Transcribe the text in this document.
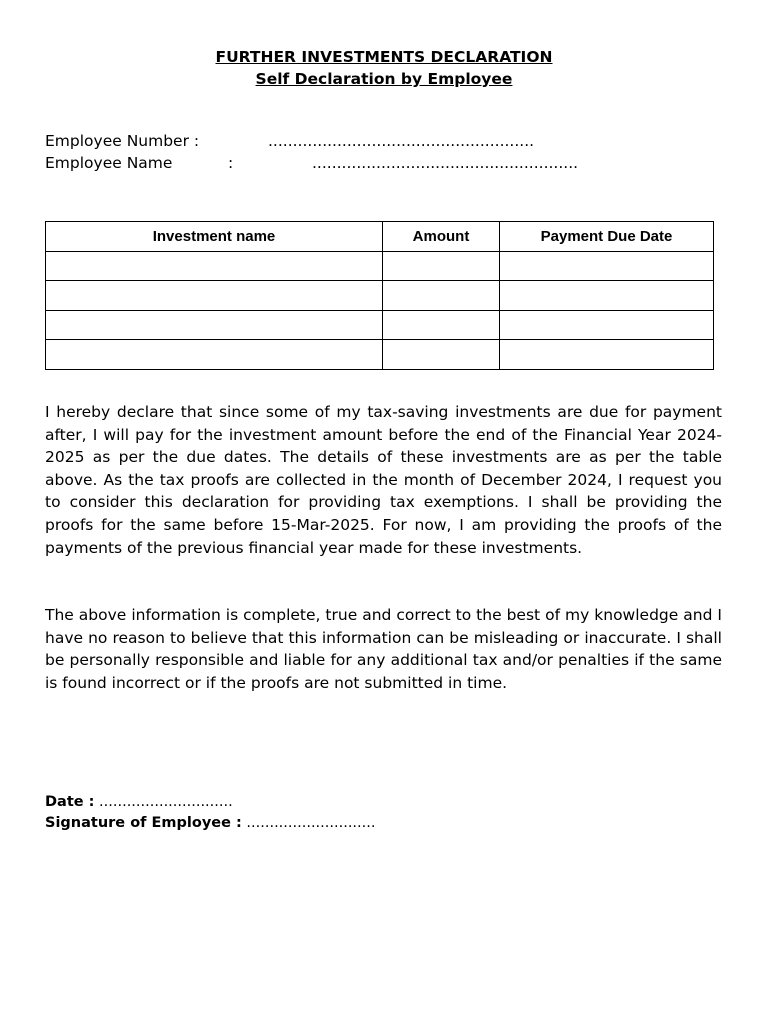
FURTHER INVESTMENTS DECLARATION
Self Declaration by Employee
Employee Number :	......................................................
Employee Name	:	......................................................
Investment name	Amount	Payment Due Date

I hereby declare that since some of my tax-saving investments are due for payment after, I will pay for the investment amount before the end of the Financial Year 2024-2025 as per the due dates. The details of these investments are as per the table above. As the tax proofs are collected in the month of December 2024, I request you to consider this declaration for providing tax exemptions. I shall be providing the proofs for the same before 15-Mar-2025. For now, I am providing the proofs of the payments of the previous financial year made for these investments.

The above information is complete, true and correct to the best of my knowledge and I have no reason to believe that this information can be misleading or inaccurate. I shall be personally responsible and liable for any additional tax and/or penalties if the same is found incorrect or if the proofs are not submitted in time.

Date : .............................
Signature of Employee : ............................
